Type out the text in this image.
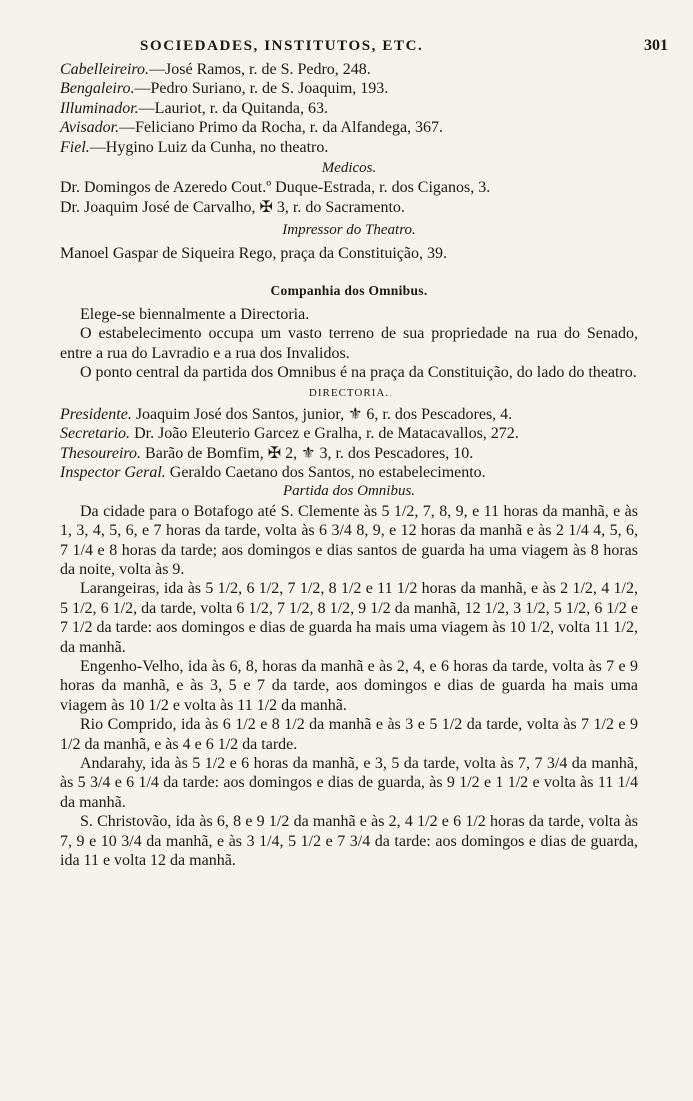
SOCIEDADES, INSTITUTOS, ETC.	301
Cabelleireiro.—José Ramos, r. de S. Pedro, 248.
Bengaleiro.—Pedro Suriano, r. de S. Joaquim, 193.
Illuminador.—Lauriot, r. da Quitanda, 63.
Avisador.—Feliciano Primo da Rocha, r. da Alfandega, 367.
Fiel.—Hygino Luiz da Cunha, no theatro.
Medicos.
Dr. Domingos de Azeredo Cout.º Duque-Estrada, r. dos Ciganos, 3.
Dr. Joaquim José de Carvalho, ✠ 3, r. do Sacramento.
Impressor do Theatro.
Manoel Gaspar de Siqueira Rego, praça da Constituição, 39.
Companhia dos Omnibus.
Elege-se biennalmente a Directoria.
O estabelecimento occupa um vasto terreno de sua propriedade na rua do Senado, entre a rua do Lavradio e a rua dos Invalidos.
O ponto central da partida dos Omnibus é na praça da Constituição, do lado do theatro.
DIRECTORIA.
Presidente. Joaquim José dos Santos, junior, ⚜ 6, r. dos Pescadores, 4.
Secretario. Dr. João Eleuterio Garcez e Gralha, r. de Matacavallos, 272.
Thesoureiro. Barão de Bomfim, ✠ 2, ⚜ 3, r. dos Pescadores, 10.
Inspector Geral. Geraldo Caetano dos Santos, no estabelecimento.
Partida dos Omnibus.
Da cidade para o Botafogo até S. Clemente às 5 1/2, 7, 8, 9, e 11 horas da manhã, e às 1, 3, 4, 5, 6, e 7 horas da tarde, volta às 6 3/4 8, 9, e 12 horas da manhã e às 2 1/4 4, 5, 6, 7 1/4 e 8 horas da tarde; aos domingos e dias santos de guarda ha uma viagem às 8 horas da noite, volta às 9.
Larangeiras, ida às 5 1/2, 6 1/2, 7 1/2, 8 1/2 e 11 1/2 horas da manhã, e às 2 1/2, 4 1/2, 5 1/2, 6 1/2, da tarde, volta 6 1/2, 7 1/2, 8 1/2, 9 1/2 da manhã, 12 1/2, 3 1/2, 5 1/2, 6 1/2 e 7 1/2 da tarde: aos domingos e dias de guarda ha mais uma viagem às 10 1/2, volta 11 1/2, da manhã.
Engenho-Velho, ida às 6, 8, horas da manhã e às 2, 4, e 6 horas da tarde, volta às 7 e 9 horas da manhã, e às 3, 5 e 7 da tarde, aos domingos e dias de guarda ha mais uma viagem às 10 1/2 e volta às 11 1/2 da manhã.
Rio Comprido, ida às 6 1/2 e 8 1/2 da manhã e às 3 e 5 1/2 da tarde, volta às 7 1/2 e 9 1/2 da manhã, e às 4 e 6 1/2 da tarde.
Andarahy, ida às 5 1/2 e 6 horas da manhã, e 3, 5 da tarde, volta às 7, 7 3/4 da manhã, às 5 3/4 e 6 1/4 da tarde: aos domingos e dias de guarda, às 9 1/2 e 1 1/2 e volta às 11 1/4 da manhã.
S. Christovão, ida às 6, 8 e 9 1/2 da manhã e às 2, 4 1/2 e 6 1/2 horas da tarde, volta às 7, 9 e 10 3/4 da manhã, e às 3 1/4, 5 1/2 e 7 3/4 da tarde: aos domingos e dias de guarda, ida 11 e volta 12 da manhã.
